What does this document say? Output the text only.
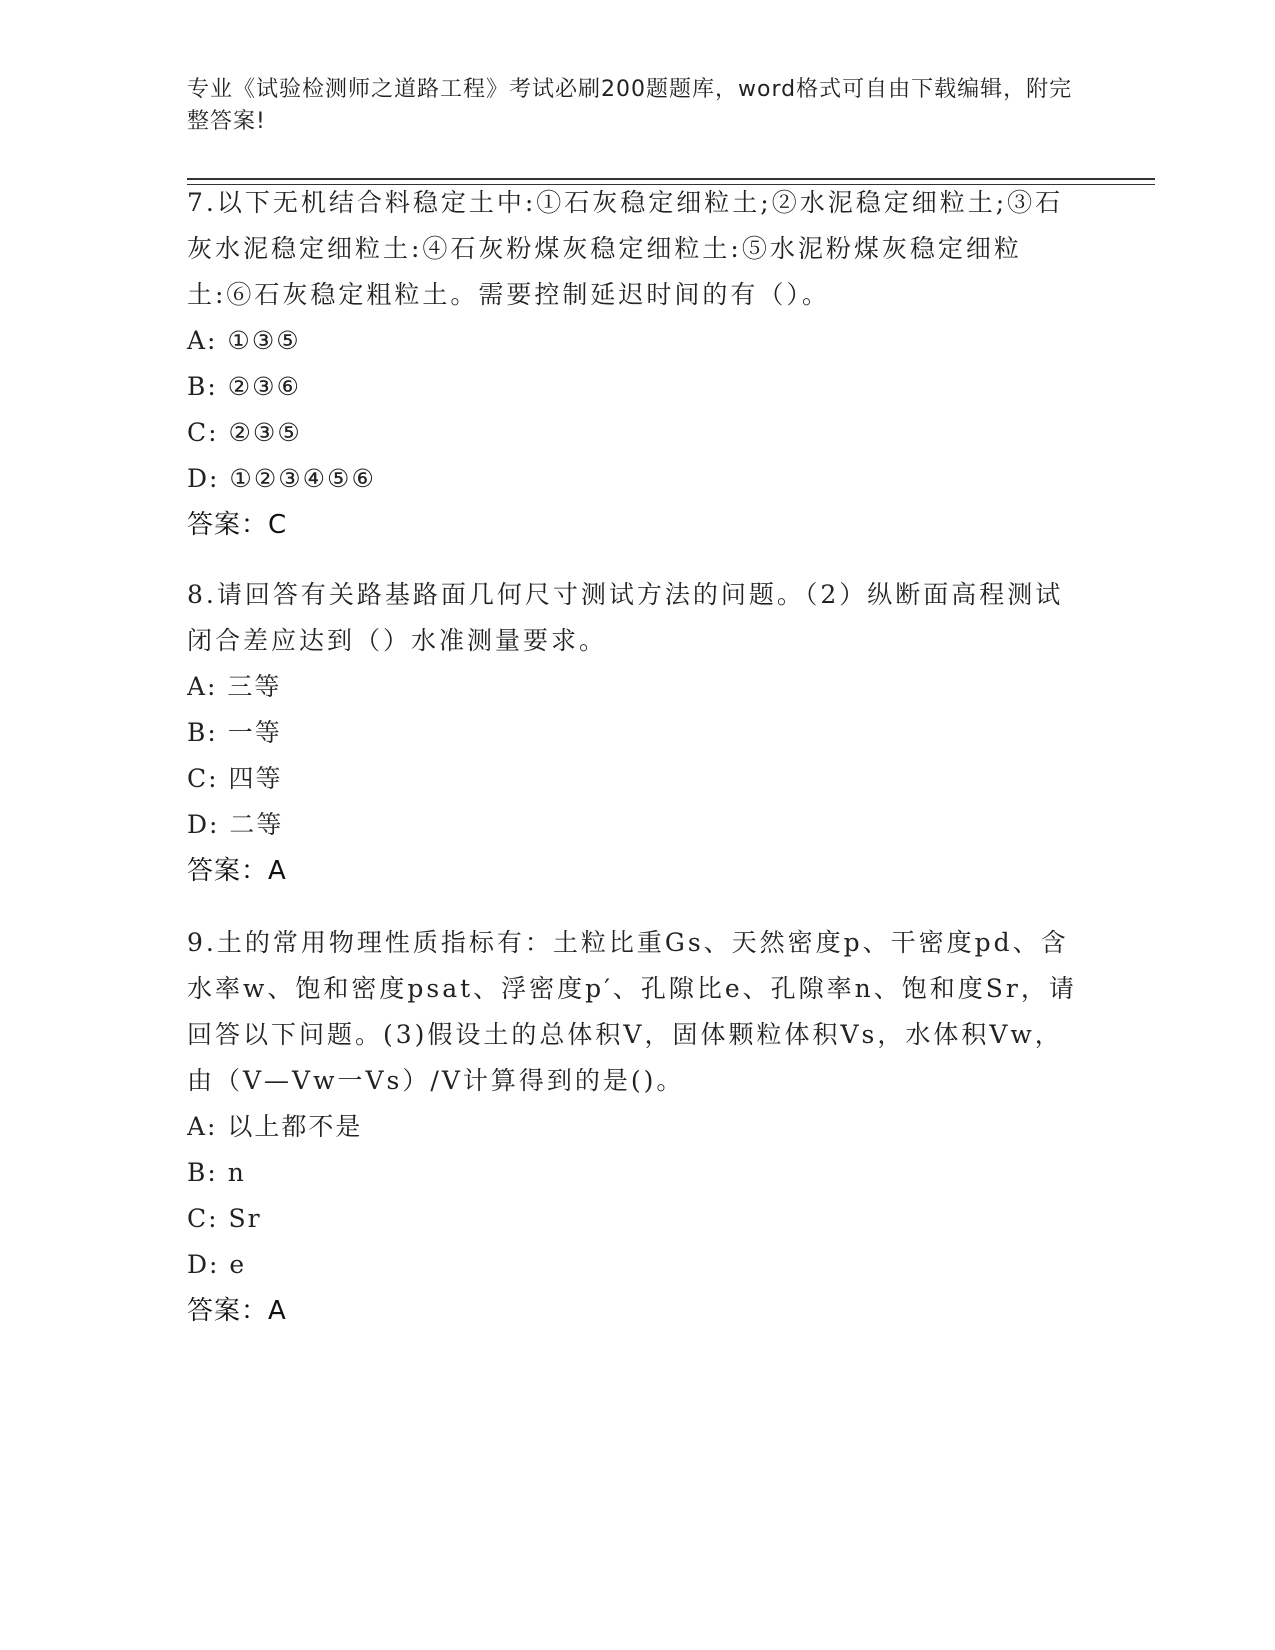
专业《试验检测师之道路工程》考试必刷200题题库，word格式可自由下载编辑，附完整答案!

7.以下无机结合料稳定土中:①石灰稳定细粒土;②水泥稳定细粒土;③石灰水泥稳定细粒土:④石灰粉煤灰稳定细粒土:⑤水泥粉煤灰稳定细粒土:⑥石灰稳定粗粒土。需要控制延迟时间的有（）。

A: ①③⑤

B: ②③⑥

C: ②③⑤

D: ①②③④⑤⑥

答案：C

8.请回答有关路基路面几何尺寸测试方法的问题。（2）纵断面高程测试闭合差应达到（）水准测量要求。

A: 三等

B: 一等

C: 四等

D: 二等

答案：A

9.土的常用物理性质指标有：土粒比重Gs、天然密度p、干密度pd、含水率w、饱和密度psat、浮密度p′、孔隙比e、孔隙率n、饱和度Sr，请回答以下问题。(3)假设土的总体积V，固体颗粒体积Vs，水体积Vw，由（V—Vw一Vs）/V计算得到的是()。

A: 以上都不是

B: n

C: Sr

D: e

答案：A
